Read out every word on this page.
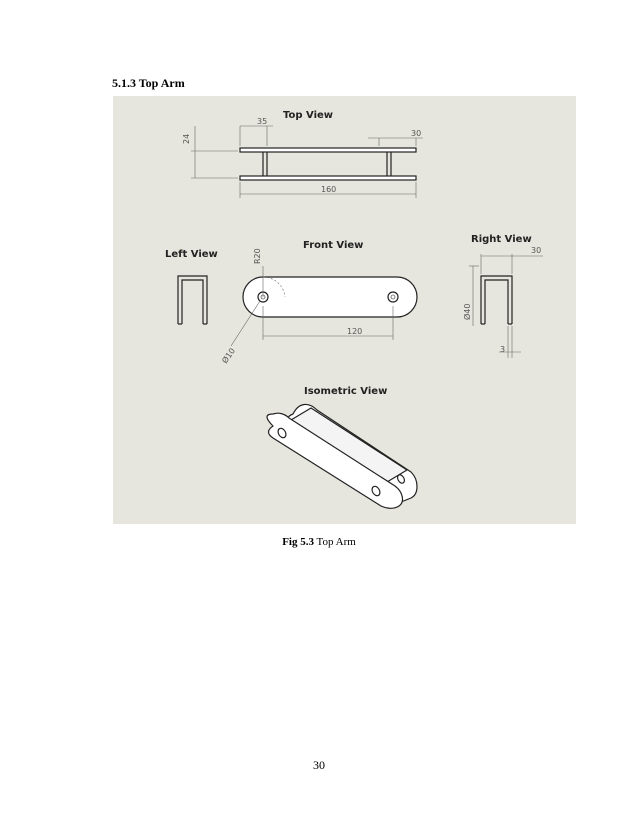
5.1.3 Top Arm
Top View
35
30
160
24
Left View
Front View
R20
Ø10
120
Right View
30
Ø40
3
Isometric View
Fig 5.3 Top Arm
30
